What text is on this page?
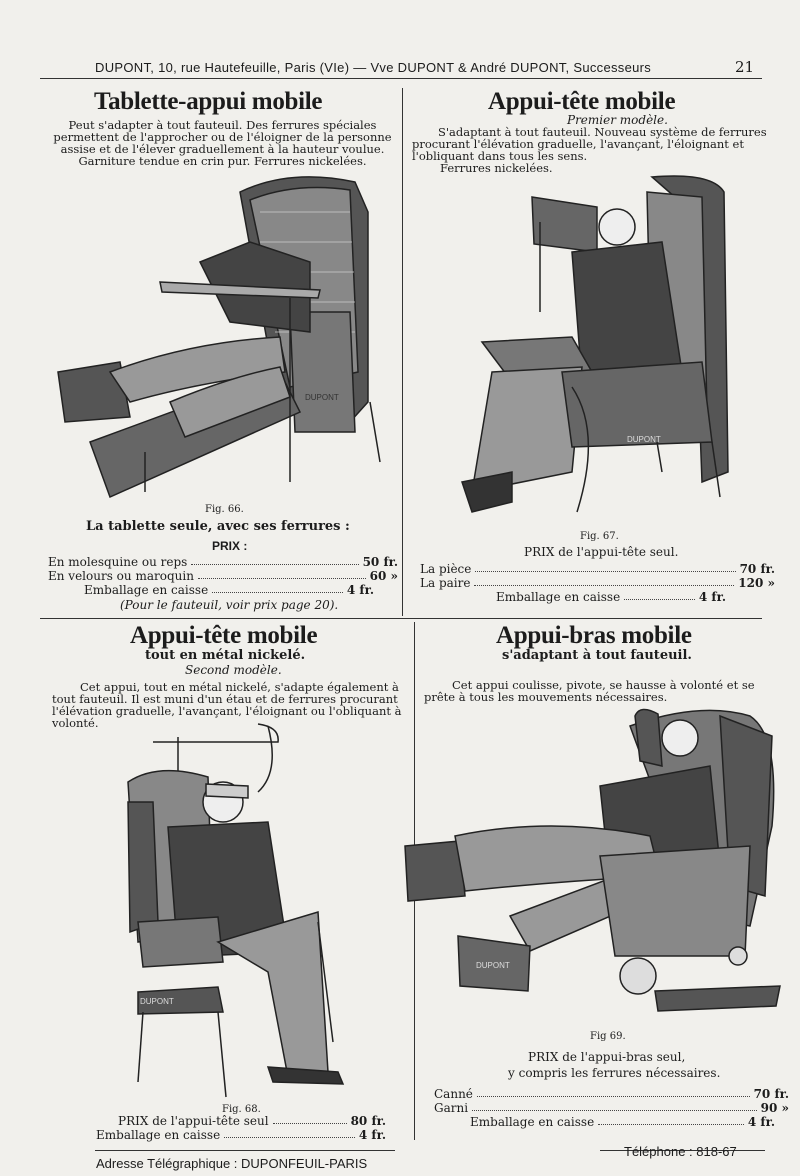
DUPONT, 10, rue Hautefeuille, Paris (VIe) — Vve DUPONT & André DUPONT, Successeurs	21
Tablette-appui mobile
Peut s'adapter à tout fauteuil. Des ferrures spéciales
permettent de l'approcher ou de l'éloigner de la personne
assise et de l'élever graduellement à la hauteur voulue.
Garniture tendue en crin pur. Ferrures nickelées.
DUPONT
Fig. 66.
La tablette seule, avec ses ferrures :
PRIX :
En molesquine ou reps	50 fr.
En velours ou maroquin	60 »
Emballage en caisse	4 fr.
(Pour le fauteuil, voir prix page 20).
Appui-tête mobile
Premier modèle.
S'adaptant à tout fauteuil. Nouveau système de ferrures
procurant l'élévation graduelle, l'avançant, l'éloignant et
l'obliquant dans tous les sens.
Ferrures nickelées.
DUPONT
Fig. 67.
PRIX de l'appui-tête seul.
La pièce	70 fr.
La paire	120 »
Emballage en caisse	4 fr.
Appui-tête mobile
tout en métal nickelé.
Second modèle.
Cet appui, tout en métal nickelé, s'adapte également à
tout fauteuil. Il est muni d'un étau et de ferrures procurant
l'élévation graduelle, l'avançant, l'éloignant ou l'obliquant à
volonté.
DUPONT
Fig. 68.
PRIX de l'appui-tête seul	80 fr.
Emballage en caisse	4 fr.
Appui-bras mobile
s'adaptant à tout fauteuil.
Cet appui coulisse, pivote, se hausse à volonté et se
prête à tous les mouvements nécessaires.
DUPONT
Fig 69.
PRIX de l'appui-bras seul,
y compris les ferrures nécessaires.
Canné	70 fr.
Garni	90 »
Emballage en caisse	4 fr.
Adresse Télégraphique : DUPONFEUIL-PARIS
Téléphone : 818-67
